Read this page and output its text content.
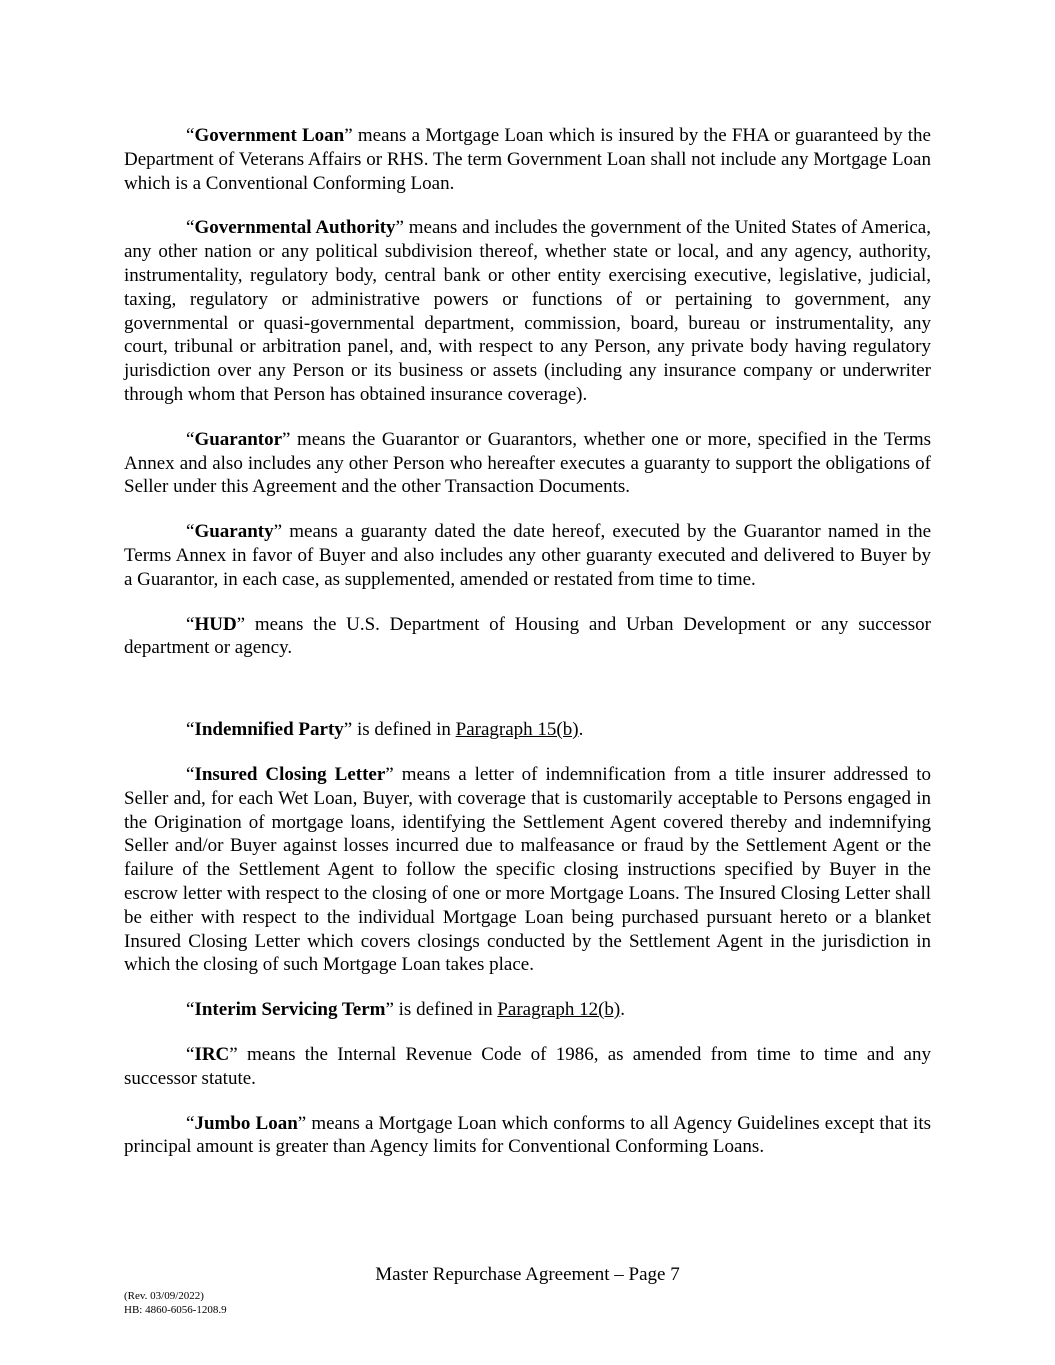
“Government Loan” means a Mortgage Loan which is insured by the FHA or guaranteed by the Department of Veterans Affairs or RHS. The term Government Loan shall not include any Mortgage Loan which is a Conventional Conforming Loan.

“Governmental Authority” means and includes the government of the United States of America, any other nation or any political subdivision thereof, whether state or local, and any agency, authority, instrumentality, regulatory body, central bank or other entity exercising executive, legislative, judicial, taxing, regulatory or administrative powers or functions of or pertaining to government, any governmental or quasi-governmental department, commission, board, bureau or instrumentality, any court, tribunal or arbitration panel, and, with respect to any Person, any private body having regulatory jurisdiction over any Person or its business or assets (including any insurance company or underwriter through whom that Person has obtained insurance coverage).

“Guarantor” means the Guarantor or Guarantors, whether one or more, specified in the Terms Annex and also includes any other Person who hereafter executes a guaranty to support the obligations of Seller under this Agreement and the other Transaction Documents.

“Guaranty” means a guaranty dated the date hereof, executed by the Guarantor named in the Terms Annex in favor of Buyer and also includes any other guaranty executed and delivered to Buyer by a Guarantor, in each case, as supplemented, amended or restated from time to time.

“HUD” means the U.S. Department of Housing and Urban Development or any successor department or agency.

“Indemnified Party” is defined in Paragraph 15(b).

“Insured Closing Letter” means a letter of indemnification from a title insurer addressed to Seller and, for each Wet Loan, Buyer, with coverage that is customarily acceptable to Persons engaged in the Origination of mortgage loans, identifying the Settlement Agent covered thereby and indemnifying Seller and/or Buyer against losses incurred due to malfeasance or fraud by the Settlement Agent or the failure of the Settlement Agent to follow the specific closing instructions specified by Buyer in the escrow letter with respect to the closing of one or more Mortgage Loans. The Insured Closing Letter shall be either with respect to the individual Mortgage Loan being purchased pursuant hereto or a blanket Insured Closing Letter which covers closings conducted by the Settlement Agent in the jurisdiction in which the closing of such Mortgage Loan takes place.

“Interim Servicing Term” is defined in Paragraph 12(b).

“IRC” means the Internal Revenue Code of 1986, as amended from time to time and any successor statute.

“Jumbo Loan” means a Mortgage Loan which conforms to all Agency Guidelines except that its principal amount is greater than Agency limits for Conventional Conforming Loans.

Master Repurchase Agreement – Page 7
(Rev. 03/09/2022)
HB: 4860-6056-1208.9
